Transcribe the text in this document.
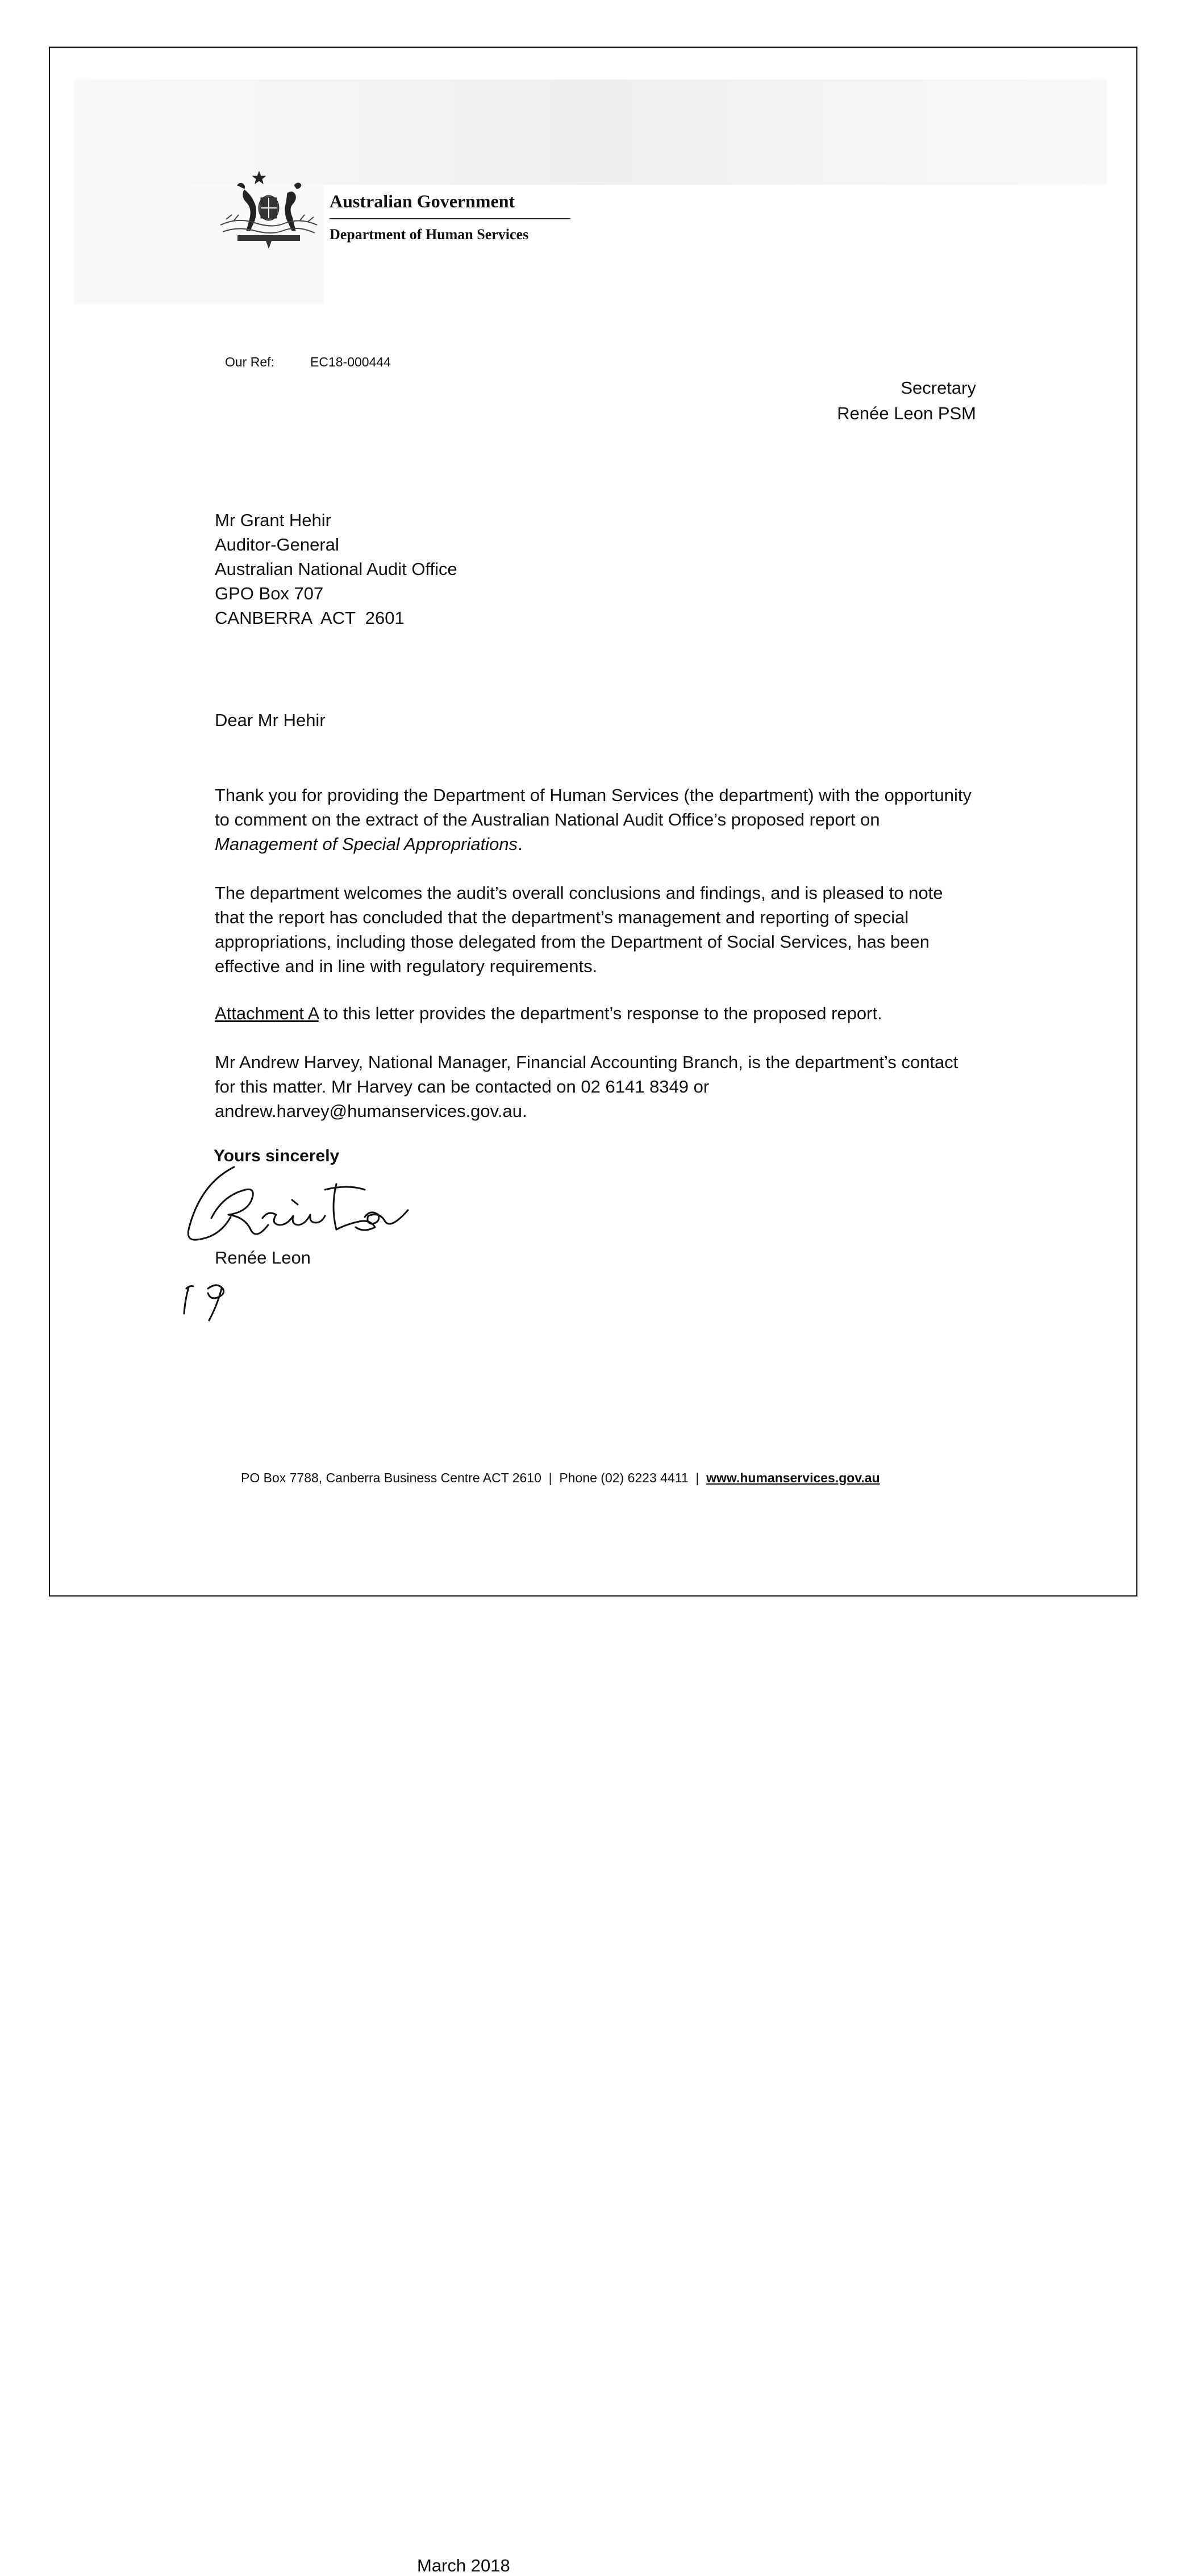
Australian Government
Department of Human Services
Our Ref:	EC18-000444
Secretary
Renée Leon PSM
Mr Grant Hehir
Auditor-General
Australian National Audit Office
GPO Box 707
CANBERRA  ACT  2601
Dear Mr Hehir

Thank you for providing the Department of Human Services (the department) with the opportunity to comment on the extract of the Australian National Audit Office’s proposed report on Management of Special Appropriations.

The department welcomes the audit’s overall conclusions and findings, and is pleased to note that the report has concluded that the department’s management and reporting of special appropriations, including those delegated from the Department of Social Services, has been effective and in line with regulatory requirements.

Attachment A to this letter provides the department’s response to the proposed report.

Mr Andrew Harvey, National Manager, Financial Accounting Branch, is the department’s contact for this matter. Mr Harvey can be contacted on 02 6141 8349 or andrew.harvey@humanservices.gov.au.

Yours sincerely
Renée Leon
March 2018
PO Box 7788, Canberra Business Centre ACT 2610  |  Phone (02) 6223 4411  |  www.humanservices.gov.au
